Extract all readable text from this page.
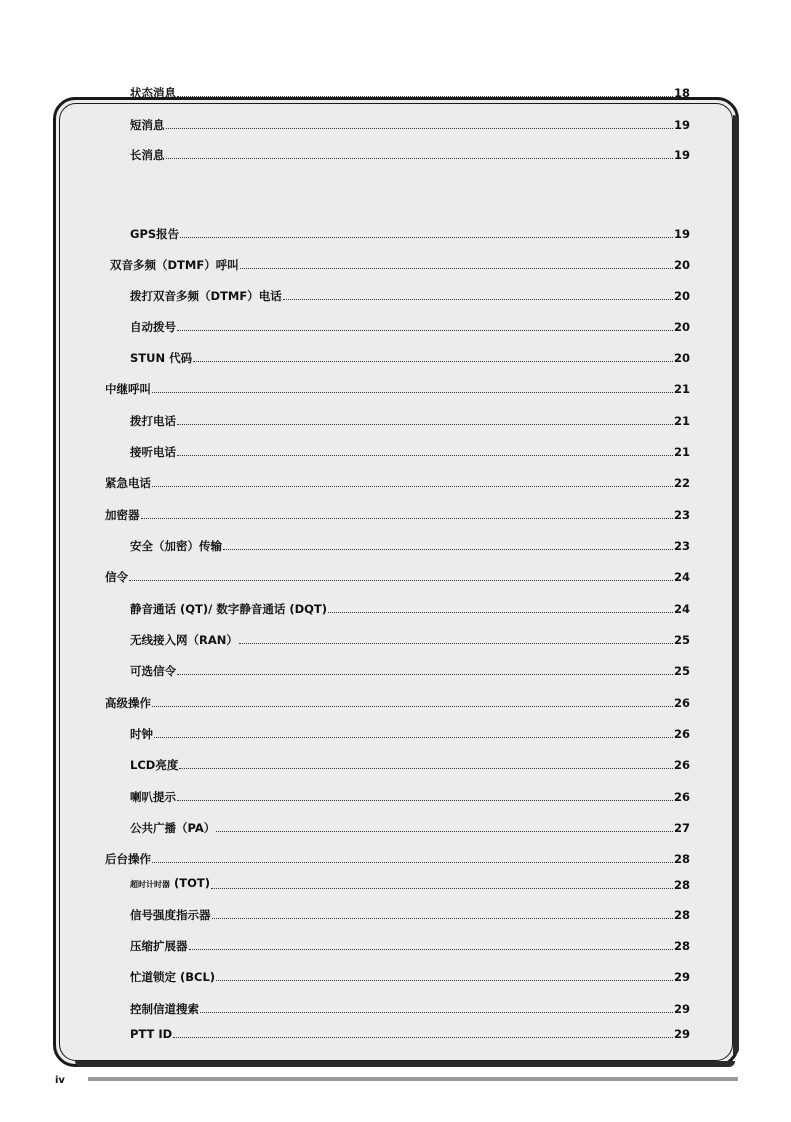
状态消息	18
短消息	19
长消息	19
GPS报告	19
双音多频（DTMF）呼叫	20
拨打双音多频（DTMF）电话	20
自动拨号	20
STUN 代码	20
中继呼叫	21
拨打电话	21
接听电话	21
紧急电话	22
加密器	23
安全（加密）传输	23
信令	24
静音通话 (QT)/ 数字静音通话 (DQT)	24
无线接入网（RAN）	25
可选信令	25
高级操作	26
时钟	26
LCD亮度	26
喇叭提示	26
公共广播（PA）	27
后台操作	28
超时计时器 (TOT)	28
信号强度指示器	28
压缩扩展器	28
忙道锁定 (BCL)	29
控制信道搜索	29
PTT ID	29
iv
